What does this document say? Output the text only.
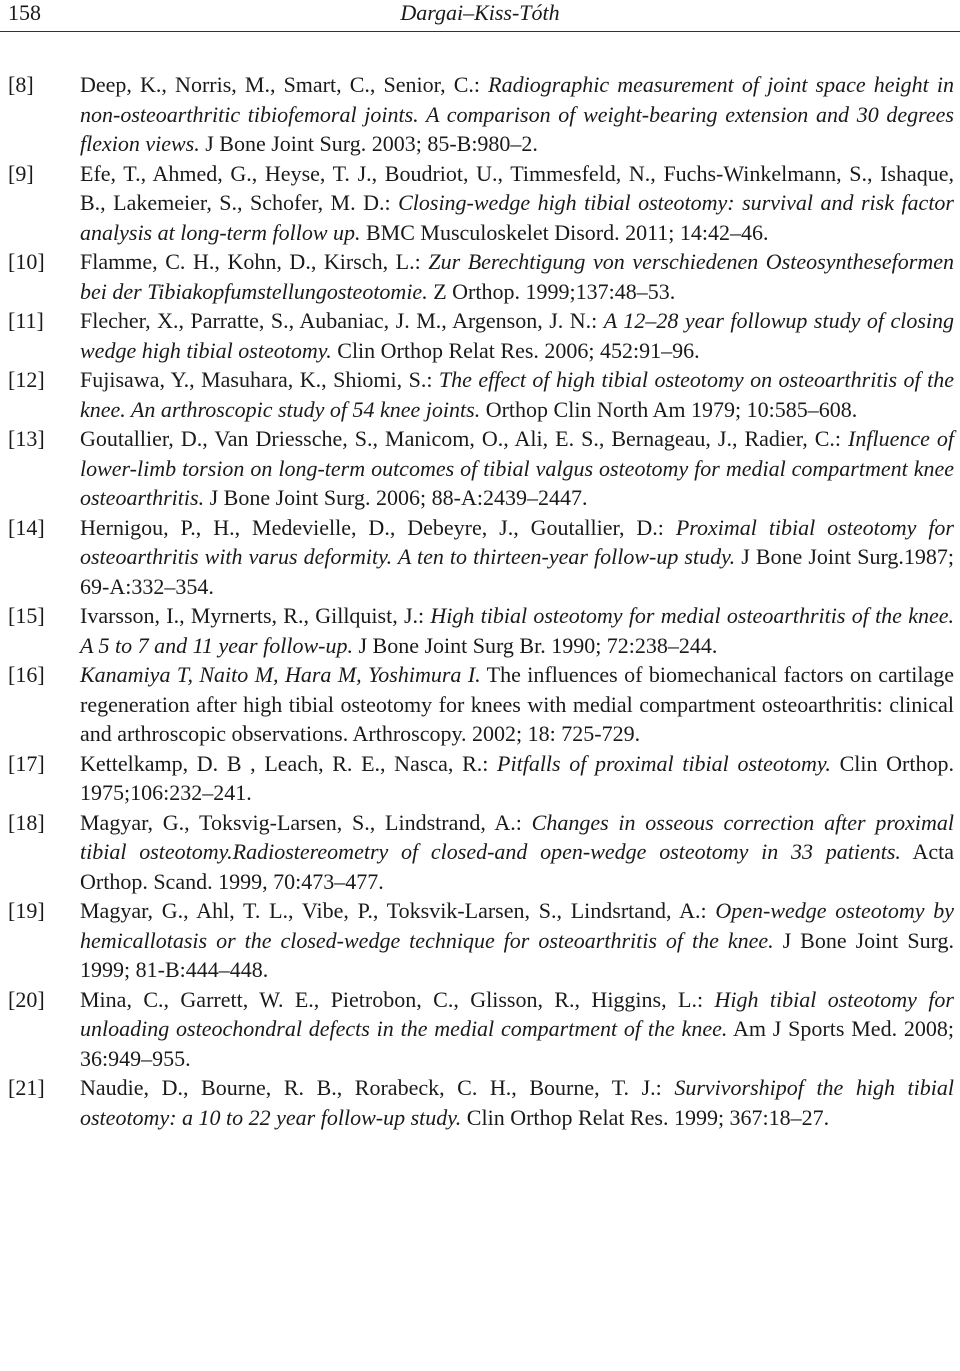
158	Dargai–Kiss-Tóth
[8] Deep, K., Norris, M., Smart, C., Senior, C.: Radiographic measurement of joint space height in non-osteoarthritic tibiofemoral joints. A comparison of weight-bearing extension and 30 degrees flexion views. J Bone Joint Surg. 2003; 85-B:980–2.
[9] Efe, T., Ahmed, G., Heyse, T. J., Boudriot, U., Timmesfeld, N., Fuchs-Winkelmann, S., Ishaque, B., Lakemeier, S., Schofer, M. D.: Closing-wedge high tibial osteotomy: survival and risk factor analysis at long-term follow up. BMC Musculoskelet Disord. 2011; 14:42–46.
[10] Flamme, C. H., Kohn, D., Kirsch, L.: Zur Berechtigung von verschiedenen Osteosyntheseformen bei der Tibiakopfumstellungosteotomie. Z Orthop. 1999;137:48–53.
[11] Flecher, X., Parratte, S., Aubaniac, J. M., Argenson, J. N.: A 12–28 year followup study of closing wedge high tibial osteotomy. Clin Orthop Relat Res. 2006; 452:91–96.
[12] Fujisawa, Y., Masuhara, K., Shiomi, S.: The effect of high tibial osteotomy on osteoarthritis of the knee. An arthroscopic study of 54 knee joints. Orthop Clin North Am 1979; 10:585–608.
[13] Goutallier, D., Van Driessche, S., Manicom, O., Ali, E. S., Bernageau, J., Radier, C.: Influence of lower-limb torsion on long-term outcomes of tibial valgus osteotomy for medial compartment knee osteoarthritis. J Bone Joint Surg. 2006; 88-A:2439–2447.
[14] Hernigou, P., H., Medevielle, D., Debeyre, J., Goutallier, D.: Proximal tibial osteotomy for osteoarthritis with varus deformity. A ten to thirteen-year follow-up study. J Bone Joint Surg.1987; 69-A:332–354.
[15] Ivarsson, I., Myrnerts, R., Gillquist, J.: High tibial osteotomy for medial osteoarthritis of the knee. A 5 to 7 and 11 year follow-up. J Bone Joint Surg Br. 1990; 72:238–244.
[16] Kanamiya T, Naito M, Hara M, Yoshimura I. The influences of biomechanical factors on cartilage regeneration after high tibial osteotomy for knees with medial compartment osteoarthritis: clinical and arthroscopic observations. Arthroscopy. 2002; 18: 725-729.
[17] Kettelkamp, D. B , Leach, R. E., Nasca, R.: Pitfalls of proximal tibial osteotomy. Clin Orthop. 1975;106:232–241.
[18] Magyar, G., Toksvig-Larsen, S., Lindstrand, A.: Changes in osseous correction after proximal tibial osteotomy.Radiostereometry of closed-and open-wedge osteotomy in 33 patients. Acta Orthop. Scand. 1999, 70:473–477.
[19] Magyar, G., Ahl, T. L., Vibe, P., Toksvik-Larsen, S., Lindsrtand, A.: Open-wedge osteotomy by hemicallotasis or the closed-wedge technique for osteoarthritis of the knee. J Bone Joint Surg. 1999; 81-B:444–448.
[20] Mina, C., Garrett, W. E., Pietrobon, C., Glisson, R., Higgins, L.: High tibial osteotomy for unloading osteochondral defects in the medial compartment of the knee. Am J Sports Med. 2008; 36:949–955.
[21] Naudie, D., Bourne, R. B., Rorabeck, C. H., Bourne, T. J.: Survivorshipof the high tibial osteotomy: a 10 to 22 year follow-up study. Clin Orthop Relat Res. 1999; 367:18–27.
